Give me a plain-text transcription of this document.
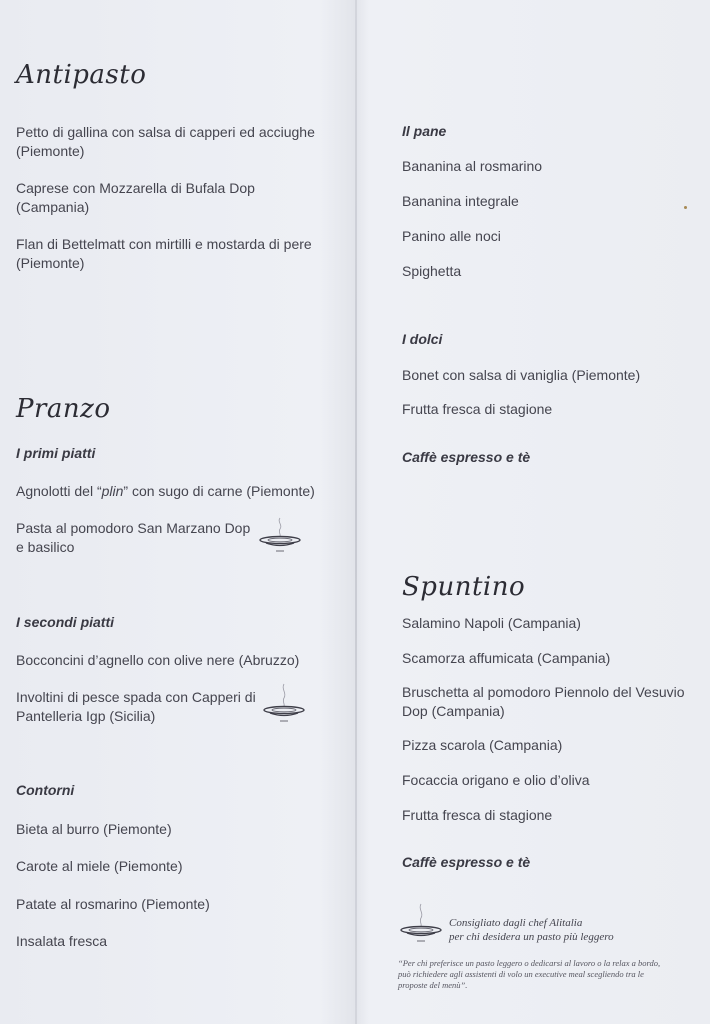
Antipasto
Petto di gallina con salsa di capperi ed acciughe
(Piemonte)
Caprese con Mozzarella di Bufala Dop
(Campania)
Flan di Bettelmatt con mirtilli e mostarda di pere
(Piemonte)
Pranzo
I primi piatti
Agnolotti del “plin” con sugo di carne (Piemonte)
Pasta al pomodoro San Marzano Dop
e basilico
I secondi piatti
Bocconcini d’agnello con olive nere (Abruzzo)
Involtini di pesce spada con Capperi di
Pantelleria Igp (Sicilia)
Contorni
Bieta al burro (Piemonte)
Carote al miele (Piemonte)
Patate al rosmarino (Piemonte)
Insalata fresca
Il pane
Bananina al rosmarino
Bananina integrale
Panino alle noci
Spighetta
I dolci
Bonet con salsa di vaniglia (Piemonte)
Frutta fresca di stagione
Caffè espresso e tè
Spuntino
Salamino Napoli (Campania)
Scamorza affumicata (Campania)
Bruschetta al pomodoro Piennolo del Vesuvio
Dop (Campania)
Pizza scarola (Campania)
Focaccia origano e olio d’oliva
Frutta fresca di stagione
Caffè espresso e tè
Consigliato dagli chef Alitalia
per chi desidera un pasto più leggero
“Per chi preferisce un pasto leggero o dedicarsi al lavoro o la relax a bordo,
può richiedere agli assistenti di volo un executive meal scegliendo tra le
proposte del menù”.
